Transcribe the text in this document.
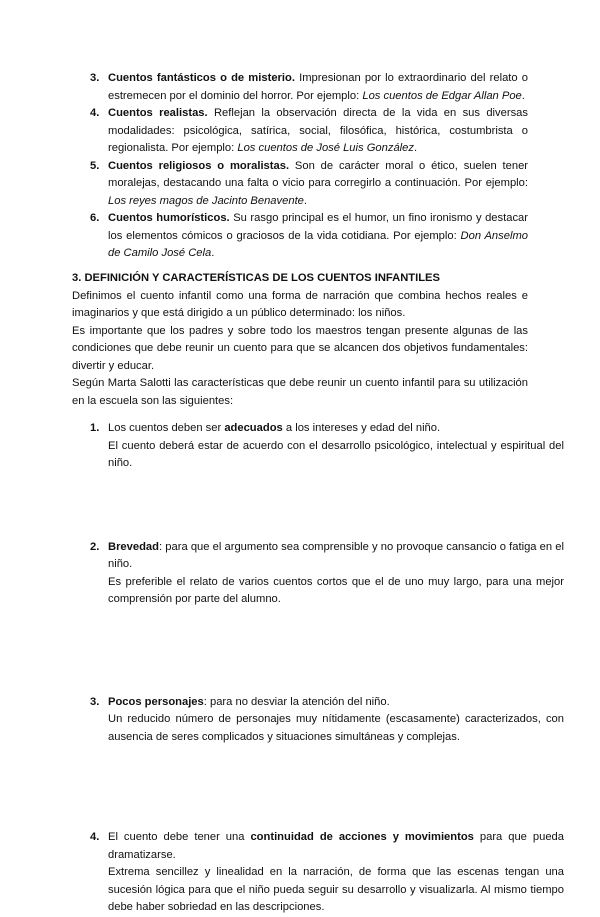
3. Cuentos fantásticos o de misterio. Impresionan por lo extraordinario del relato o estremecen por el dominio del horror. Por ejemplo: Los cuentos de Edgar Allan Poe.
4. Cuentos realistas. Reflejan la observación directa de la vida en sus diversas modalidades: psicológica, satírica, social, filosófica, histórica, costumbrista o regionalista. Por ejemplo: Los cuentos de José Luis González.
5. Cuentos religiosos o moralistas. Son de carácter moral o ético, suelen tener moralejas, destacando una falta o vicio para corregirlo a continuación. Por ejemplo: Los reyes magos de Jacinto Benavente.
6. Cuentos humorísticos. Su rasgo principal es el humor, un fino ironismo y destacar los elementos cómicos o graciosos de la vida cotidiana. Por ejemplo: Don Anselmo de Camilo José Cela.

3. DEFINICIÓN Y CARACTERÍSTICAS DE LOS CUENTOS INFANTILES

Definimos el cuento infantil como una forma de narración que combina hechos reales e imaginarios y que está dirigido a un público determinado: los niños.

Es importante que los padres y sobre todo los maestros tengan presente algunas de las condiciones que debe reunir un cuento para que se alcancen dos objetivos fundamentales: divertir y educar.

Según Marta Salotti las características que debe reunir un cuento infantil para su utilización en la escuela son las siguientes:

1. Los cuentos deben ser adecuados a los intereses y edad del niño.
El cuento deberá estar de acuerdo con el desarrollo psicológico, intelectual y espiritual del niño.
2. Brevedad: para que el argumento sea comprensible y no provoque cansancio o fatiga en el niño.
Es preferible el relato de varios cuentos cortos que el de uno muy largo, para una mejor comprensión por parte del alumno.
3. Pocos personajes: para no desviar la atención del niño.
Un reducido número de personajes muy nítidamente (escasamente) caracterizados, con ausencia de seres complicados y situaciones simultáneas y complejas.
4. El cuento debe tener una continuidad de acciones y movimientos para que pueda dramatizarse.
Extrema sencillez y linealidad en la narración, de forma que las escenas tengan una sucesión lógica para que el niño pueda seguir su desarrollo y visualizarla. Al mismo tiempo debe haber sobriedad en las descripciones.
